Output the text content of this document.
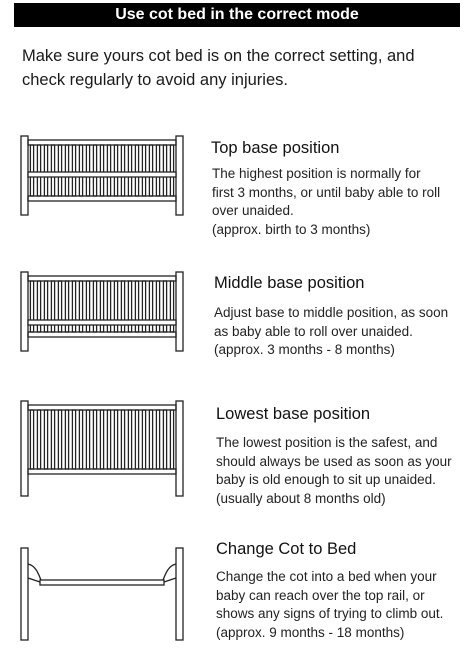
Use cot bed in the correct mode
Make sure yours cot bed is on the correct setting, and check regularly to avoid any injuries.
Top base position
The highest position is normally for
first 3 months, or until baby able to roll
over unaided.
(approx. birth to 3 months)
Middle base position
Adjust base to middle position, as soon
as baby able to roll over unaided.
(approx. 3 months - 8 months)
Lowest base position
The lowest position is the safest, and
should always be used as soon as your
baby is old enough to sit up unaided.
(usually about 8 months old)
Change Cot to Bed
Change the cot into a bed when your
baby can reach over the top rail, or
shows any signs of trying to climb out.
(approx. 9 months - 18 months)
